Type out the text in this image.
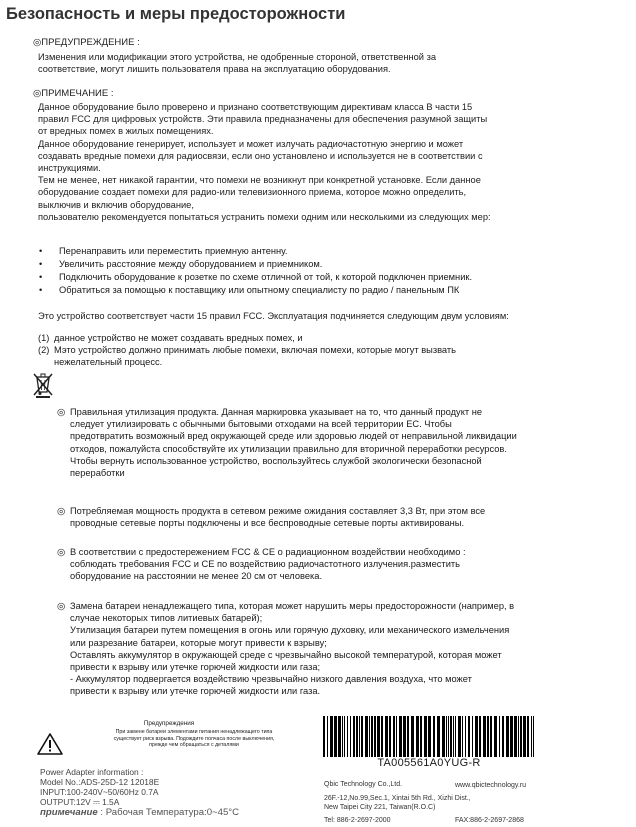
Безопасность и меры предосторожности
◎ПРЕДУПРЕЖДЕНИЕ :

Изменения или модификации этого устройства, не одобренные стороной, ответственной за

соответствие, могут лишить пользователя права на эксплуатацию оборудования.

◎ПРИМЕЧАНИЕ :

Данное оборудование было проверено и признано соответствующим директивам класса B части 15

правил FCC для цифровых устройств. Эти правила предназначены для обеспечения разумной защиты

от вредных помех в жилых помещениях.

Данное оборудование генерирует, использует и может излучать радиочастотную энергию и может

создавать вредные помехи для радиосвязи, если оно установлено и используется не в соответствии с

инструкциями.

Тем не менее, нет никакой гарантии, что помехи не возникнут при конкретной установке. Если данное

оборудование создает помехи для радио-или телевизионного приема, которое можно определить,

выключив и включив оборудование,

пользователю рекомендуется попытаться устранить помехи одним или несколькими из следующих мер:

• Перенаправить или переместить приемную антенну.
• Увеличить расстояние между оборудованием и приемником.
• Подключить оборудование к розетке по схеме отличной от той, к которой подключен приемник.
• Обратиться за помощью к поставщику или опытному специалисту по радио / панельным ПК
Это устройство соответствует части 15 правил FCC. Эксплуатация подчиняется следующим двум условиям:
(1) данное устройство не может создавать вредных помех, и
(2) Мэто устройство должно принимать любые помехи, включая помехи, которые могут вызвать
нежелательный процесс.

◎ Правильная утилизация продукта. Данная маркировка указывает на то, что данный продукт не

следует утилизировать с обычными бытовыми отходами на всей территории ЕС. Чтобы

предотвратить возможный вред окружающей среде или здоровью людей от неправильной ликвидации

отходов, пожалуйста способствуйте их утилизации правильно для вторичной переработки ресурсов.

Чтобы вернуть использованное устройство, воспользуйтесь службой экологически безопасной

переработки

◎ Потребляемая мощность продукта в сетевом режиме ожидания составляет 3,3 Вт, при этом все

проводные сетевые порты подключены и все беспроводные сетевые порты активированы.

◎ В соответствии с предостережением FCC & CE о радиационном воздействии необходимо :

соблюдать требования FCC и CE по воздействию радиочастотного излучения.разместить

оборудование на расстоянии не менее 20 см от человека.

◎ Замена батареи ненадлежащего типа, которая может нарушить меры предосторожности (например, в

случае некоторых типов литиевых батарей);

Утилизация батареи путем помещения в огонь или горячую духовку, или механического измельчения

или разрезание батареи, которые могут привести к взрыву;

Оставлять аккумулятор в окружающей среде с чрезвычайно высокой температурой, которая может

привести к взрыву или утечке горючей жидкости или газа;

- Аккумулятор подвергается воздействию чрезвычайно низкого давления воздуха, что может

привести к взрыву или утечке горючей жидкости или газа.

Предупреждения
При замене батареи элементами питания ненадлежащего типа
существует риск взрыва. Подождите полчаса после выключения,
прежде чем обращаться с деталями
Power Adapter information :
Model No.:ADS-25D-12 12018E
INPUT:100-240V~50/60Hz 0.7A
OUTPUT:12V ⎓ 1.5A
примечание : Рабочая Температура:0~45°C
TA005561A0YUG-R
Qbic Technology Co.,Ltd.
26F.-12,No.99,Sec.1, Xintai 5th Rd., Xizhi Dist.,
New Taipei City 221, Taiwan(R.O.C)
www.qbictechnology.ru
Tel: 886-2-2697-2000	FAX:886-2-2697-2868
